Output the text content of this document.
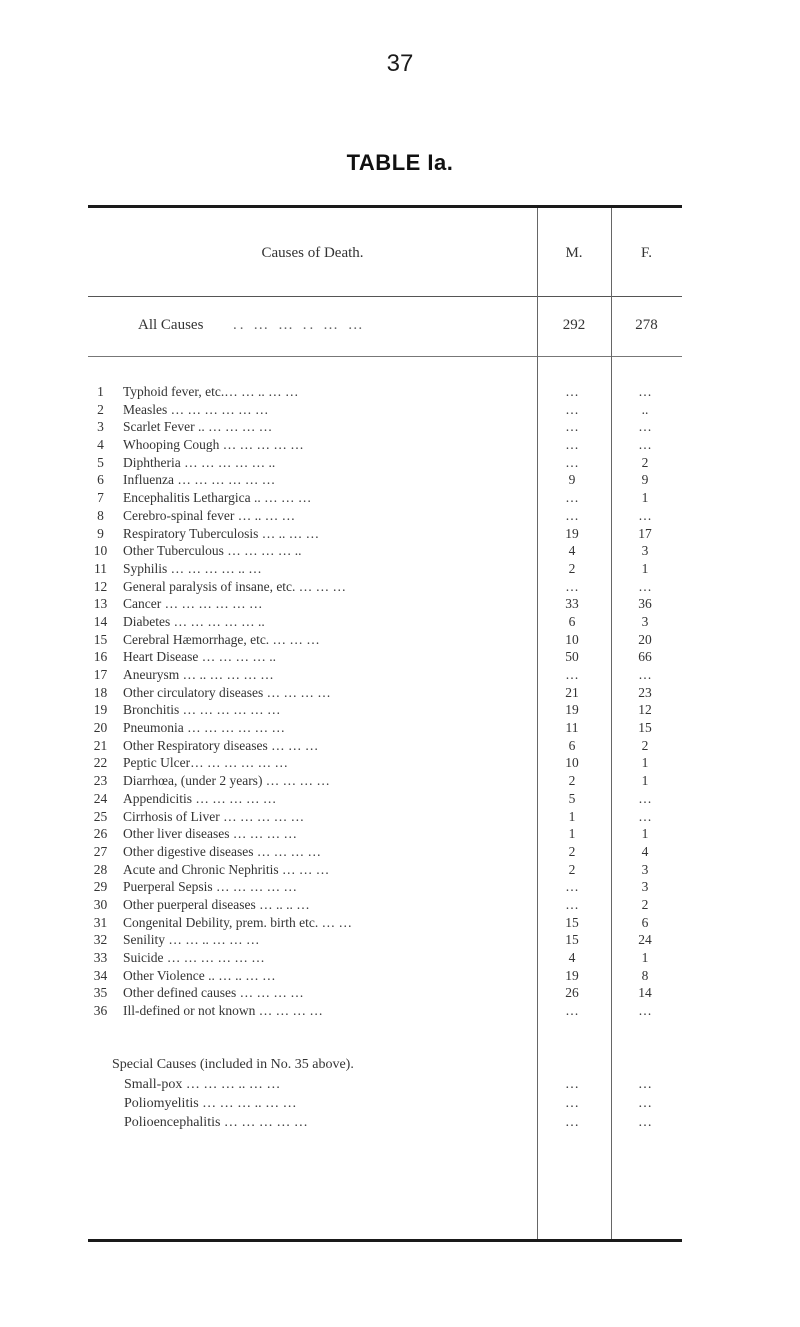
37
TABLE Ia.
Causes of Death.	M.	F.
All Causes .. … … .. … …	292	278
1	Typhoid fever, etc.… … .. … …	…	…
2	Measles … … … … … …	…	..
3	Scarlet Fever .. … … … …	…	…
4	Whooping Cough … … … … …	…	…
5	Diphtheria … … … … … ..	…	2
6	Influenza … … … … … …	9	9
7	Encephalitis Lethargica .. … … …	…	1
8	Cerebro-spinal fever … .. … …	…	…
9	Respiratory Tuberculosis … .. … …	19	17
10	Other Tuberculous … … … … ..	4	3
11	Syphilis … … … … .. …	2	1
12	General paralysis of insane, etc. … … …	…	…
13	Cancer … … … … … …	33	36
14	Diabetes … … … … … ..	6	3
15	Cerebral Hæmorrhage, etc. … … …	10	20
16	Heart Disease … … … … ..	50	66
17	Aneurysm … .. … … … …	…	…
18	Other circulatory diseases … … … …	21	23
19	Bronchitis … … … … … …	19	12
20	Pneumonia … … … … … …	11	15
21	Other Respiratory diseases … … …	6	2
22	Peptic Ulcer… … … … … …	10	1
23	Diarrhœa, (under 2 years) … … … …	2	1
24	Appendicitis … … … … …	5	…
25	Cirrhosis of Liver … … … … …	1	…
26	Other liver diseases … … … …	1	1
27	Other digestive diseases … … … …	2	4
28	Acute and Chronic Nephritis … … …	2	3
29	Puerperal Sepsis … … … … …	…	3
30	Other puerperal diseases … .. .. …	…	2
31	Congenital Debility, prem. birth etc. … …	15	6
32	Senility … … .. … … …	15	24
33	Suicide … … … … … …	4	1
34	Other Violence .. … .. … …	19	8
35	Other defined causes … … … …	26	14
36	Ill-defined or not known … … … …	…	…
Special Causes (included in No. 35 above).
Small-pox … … … .. … …	…	…
Poliomyelitis … … … .. … …	…	…
Polioencephalitis … … … … …	…	…
